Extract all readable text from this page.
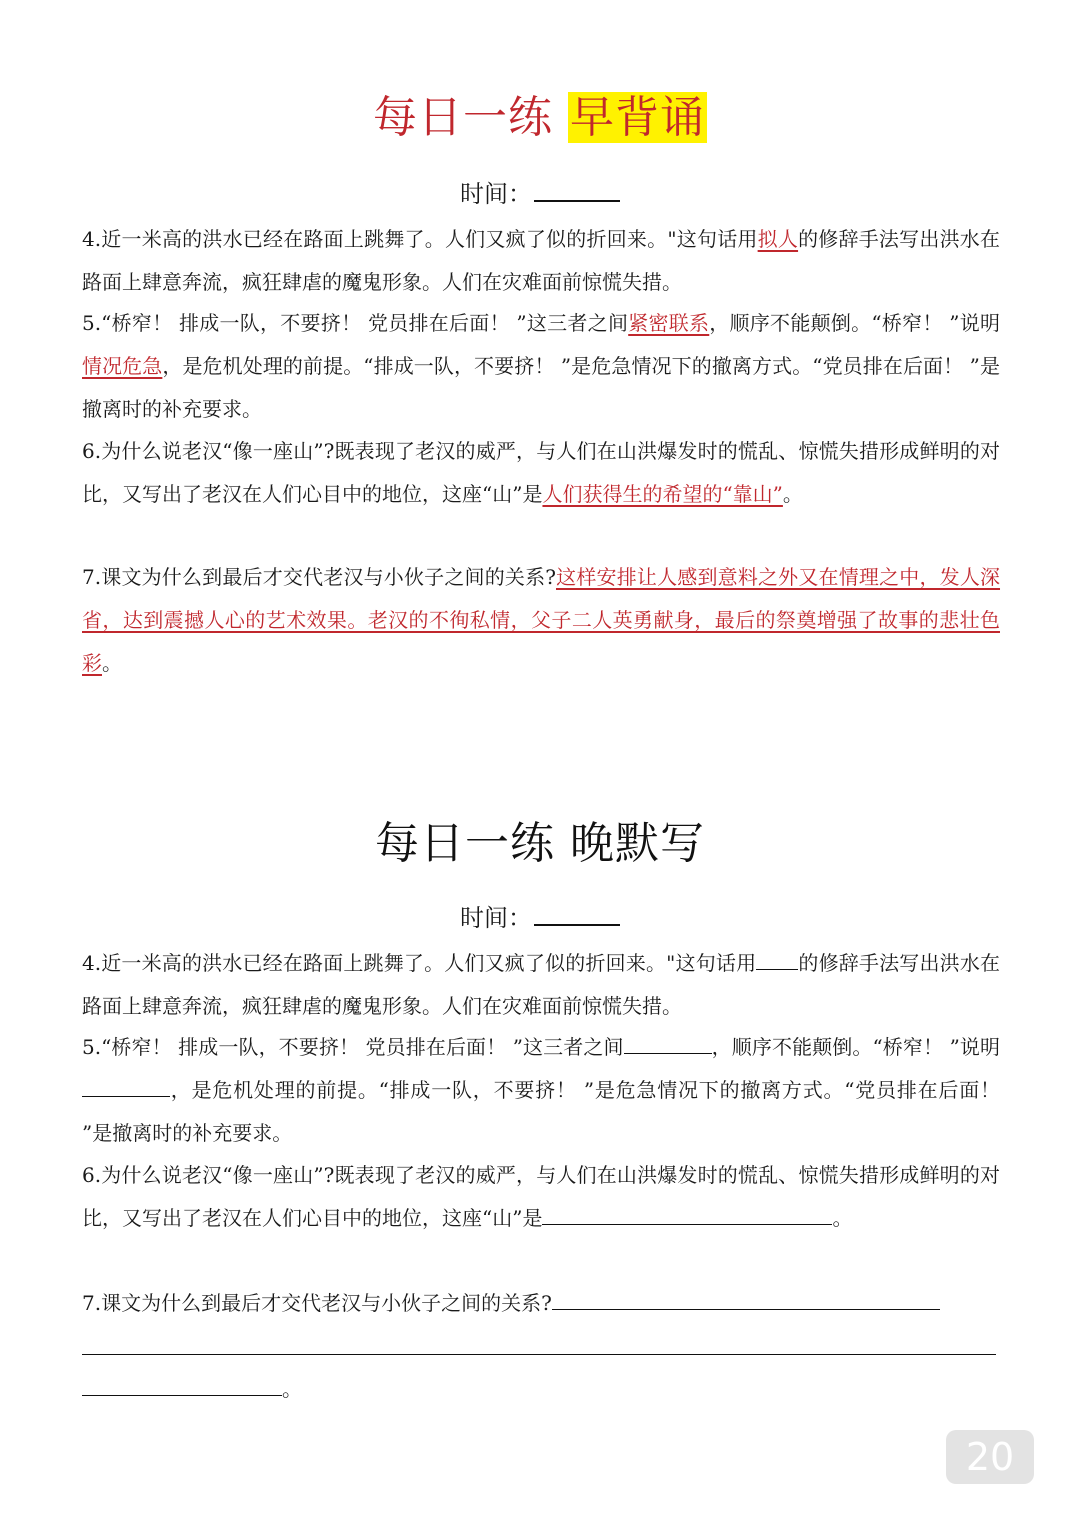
每日一练 早背诵
时间：
4.近一米高的洪水已经在路面上跳舞了。人们又疯了似的折回来。"这句话用拟人的修辞手法写出洪水在路面上肆意奔流，疯狂肆虐的魔鬼形象。人们在灾难面前惊慌失措。
5.“桥窄！ 排成一队，不要挤！ 党员排在后面！ ”这三者之间紧密联系，顺序不能颠倒。“桥窄！ ”说明情况危急，是危机处理的前提。“排成一队，不要挤！ ”是危急情况下的撤离方式。“党员排在后面！ ”是撤离时的补充要求。
6.为什么说老汉“像一座山”?既表现了老汉的威严，与人们在山洪爆发时的慌乱、惊慌失措形成鲜明的对比，又写出了老汉在人们心目中的地位，这座“山”是人们获得生的希望的“靠山”。
7.课文为什么到最后才交代老汉与小伙子之间的关系?这样安排让人感到意料之外又在情理之中，发人深省，达到震撼人心的艺术效果。老汉的不徇私情，父子二人英勇献身，最后的祭奠增强了故事的悲壮色彩。
每日一练 晚默写
时间：
4.近一米高的洪水已经在路面上跳舞了。人们又疯了似的折回来。"这句话用 的修辞手法写出洪水在路面上肆意奔流，疯狂肆虐的魔鬼形象。人们在灾难面前惊慌失措。
5.“桥窄！ 排成一队，不要挤！ 党员排在后面！ ”这三者之间	，顺序不能颠倒。“桥窄！ ”说明，是危机处理的前提。“排成一队，不要挤！ ”是危急情况下的撤离方式。“党员排在后面！ ”是撤离时的补充要求。
6.为什么说老汉“像一座山”?既表现了老汉的威严，与人们在山洪爆发时的慌乱、惊慌失措形成鲜明的对比，又写出了老汉在人们心目中的地位，这座“山”是	。
7.课文为什么到最后才交代老汉与小伙子之间的关系?
。
20
